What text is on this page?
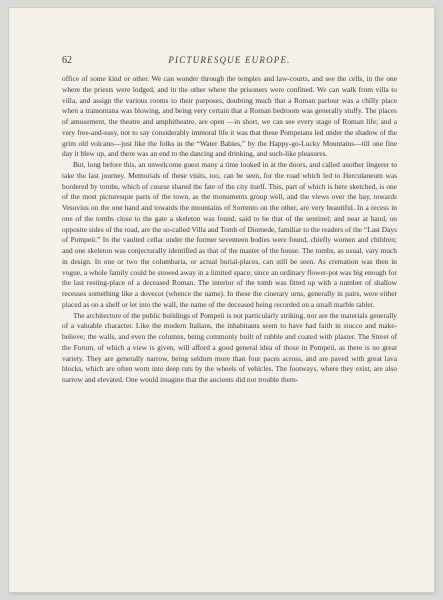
62	PICTURESQUE EUROPE.

office of some kind or other. We can wonder through the temples and law-courts, and see the cells, in the one where the priests were lodged, and in the other where the prisoners were confined. We can walk from villa to villa, and assign the various rooms to their purposes, doubting much that a Roman parlour was a chilly place when a tramontana was blowing, and being very certain that a Roman bedroom was generally stuffy. The places of amusement, the theatre and amphitheatre, are open —in short, we can see every stage of Roman life; and a very free-and-easy, not to say considerably immoral life it was that these Pompeians led under the shadow of the grim old volcano—just like the folks in the “Water Babies,” by the Happy-go-Lucky Mountains—till one fine day it blew up, and there was an end to the dancing and drinking, and such-like pleasures.

But, long before this, an unwelcome guest many a time looked in at the doors, and called another lingerer to take the last journey. Memorials of these visits, too, can be seen, for the road which led to Herculaneum was bordered by tombs, which of course shared the fate of the city itself. This, part of which is here sketched, is one of the most picturesque parts of the town, as the monuments group well, and the views over the bay, towards Vesuvius on the one hand and towards the mountains of Sorrento on the other, are very beautiful. In a recess in one of the tombs close to the gate a skeleton was found, said to be that of the sentinel; and near at hand, on opposite sides of the road, are the so-called Villa and Tomb of Diomede, familiar to the readers of the “Last Days of Pompeii.” In the vaulted cellar under the former seventeen bodies were found, chiefly women and children; and one skeleton was conjecturally identified as that of the master of the house. The tombs, as usual, vary much in design. In one or two the columbaria, or actual burial-places, can still be seen. As cremation was then in vogue, a whole family could be stowed away in a limited space; since an ordinary flower-pot was big enough for the last resting-place of a deceased Roman. The interior of the tomb was fitted up with a number of shallow recesses something like a dovecot (whence the name). In these the cinerary urns, generally in pairs, were either placed as on a shelf or let into the wall, the name of the deceased being recorded on a small marble tablet.

The architecture of the public buildings of Pompeii is not particularly striking, nor are the materials generally of a valuable character. Like the modern Italians, the inhabitants seem to have had faith in stucco and make-believe; the walls, and even the columns, being commonly built of rubble and coated with plaster. The Street of the Forum, of which a view is given, will afford a good general idea of those in Pompeii, as there is no great variety. They are generally narrow, being seldom more than four paces across, and are paved with great lava blocks, which are often worn into deep ruts by the wheels of vehicles. The footways, where they exist, are also narrow and elevated. One would imagine that the ancients did not trouble them-
